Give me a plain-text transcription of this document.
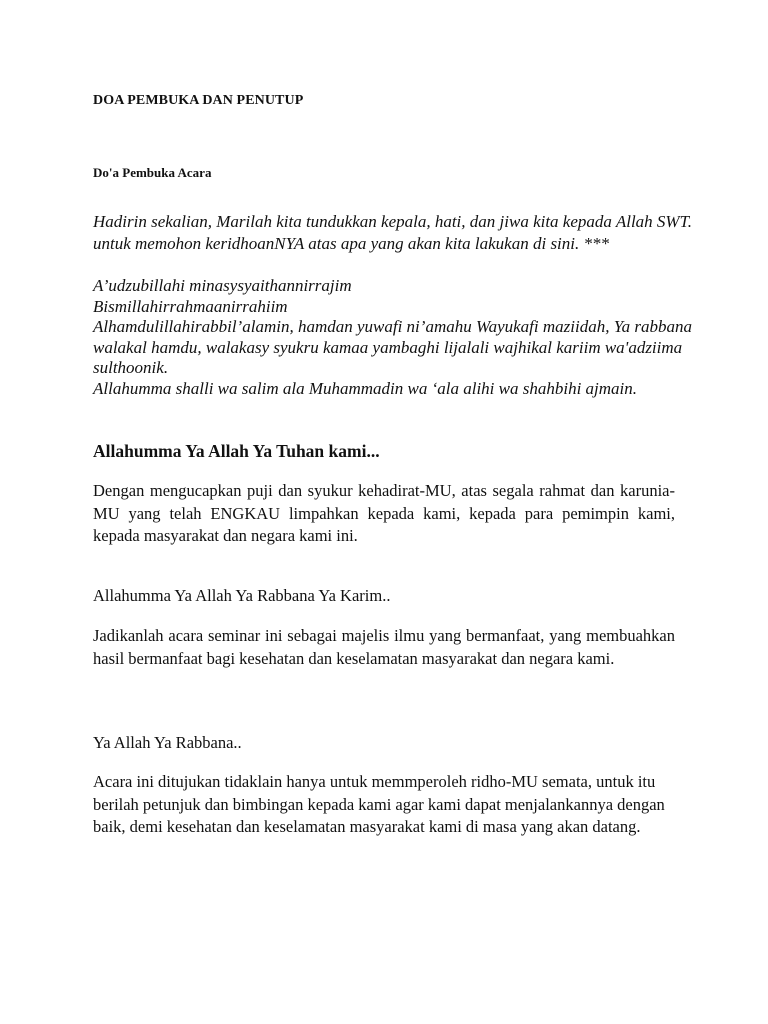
DOA PEMBUKA DAN PENUTUP
Do'a Pembuka Acara

Hadirin sekalian, Marilah kita tundukkan kepala, hati, dan jiwa kita kepada Allah SWT. untuk memohon keridhoanNYA atas apa yang akan kita lakukan di sini. ***

A’udzubillahi minasysyaithannirrajim
Bismillahirrahmaanirrahiim
Alhamdulillahirabbil’alamin, hamdan yuwafi ni’amahu Wayukafi maziidah, Ya rabbana walakal hamdu, walakasy syukru kamaa yambaghi lijalali wajhikal kariim wa'adziima sulthoonik.
Allahumma shalli wa salim ala Muhammadin wa ‘ala alihi wa shahbihi ajmain.
Allahumma Ya Allah Ya Tuhan kami...

Dengan mengucapkan puji dan syukur kehadirat-MU, atas segala rahmat dan karunia-MU yang telah ENGKAU limpahkan kepada kami, kepada para pemimpin kami, kepada masyarakat dan negara kami ini.

Allahumma Ya Allah Ya Rabbana Ya Karim..

Jadikanlah acara seminar ini sebagai majelis ilmu yang bermanfaat, yang membuahkan hasil bermanfaat bagi kesehatan dan keselamatan masyarakat dan negara kami.

Ya Allah Ya Rabbana..

Acara ini ditujukan tidaklain hanya untuk memmperoleh ridho-MU semata, untuk itu berilah petunjuk dan bimbingan kepada kami agar kami dapat menjalankannya dengan baik, demi kesehatan dan keselamatan masyarakat kami di masa yang akan datang.
